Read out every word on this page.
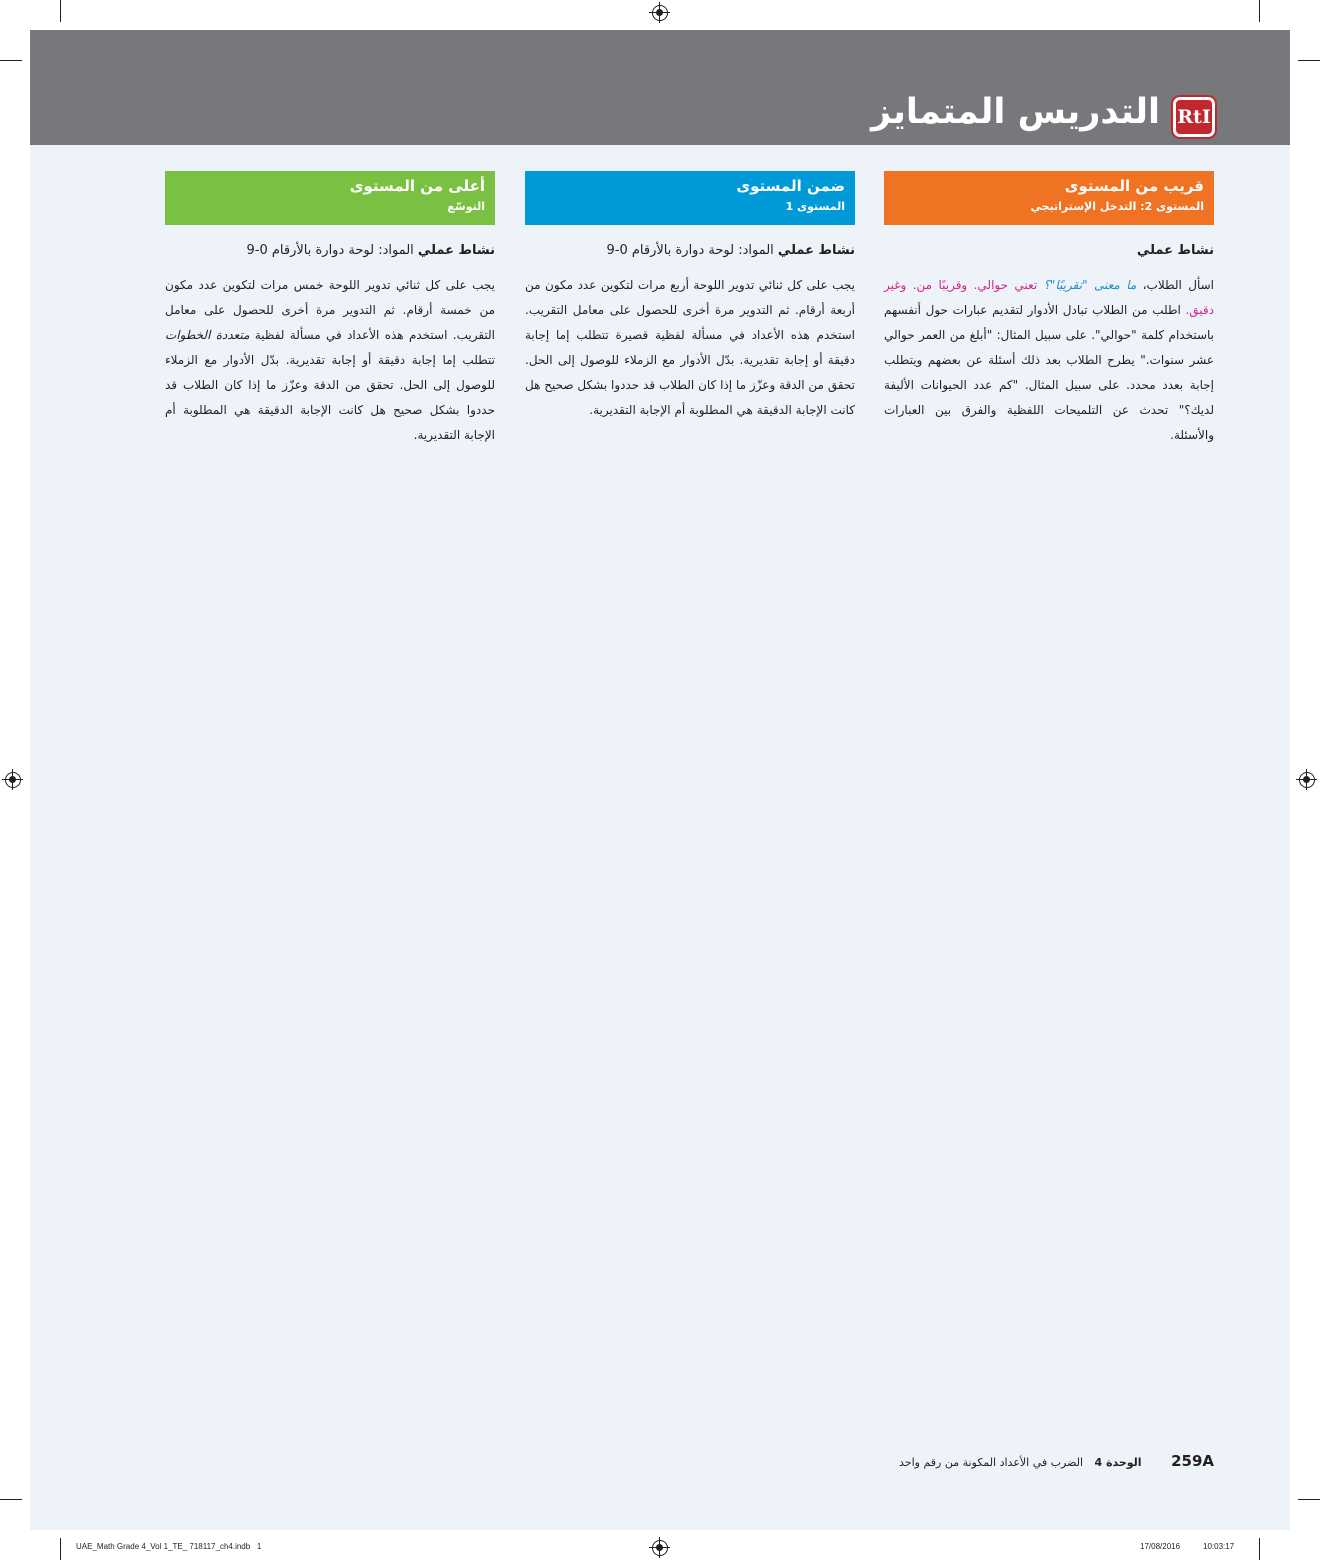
التدريس المتمايز RtI
قريب من المستوى
المستوى 2: التدخل الإستراتيجي
نشاط عملي
اسأل الطلاب، ما معنى "تقريبًا"؟ تعني حوالي. وقريبًا من. وغير دقيق. اطلب من الطلاب تبادل الأدوار لتقديم عبارات حول أنفسهم باستخدام كلمة "حوالي". على سبيل المثال: "أبلغ من العمر حوالي عشر سنوات." يطرح الطلاب بعد ذلك أسئلة عن بعضهم ويتطلب إجابة بعدد محدد. على سبيل المثال. "كم عدد الحيوانات الأليفة لديك؟" تحدث عن التلميحات اللفظية والفرق بين العبارات والأسئلة.
ضمن المستوى
المستوى 1
نشاط عملي المواد: لوحة دوارة بالأرقام 0-9
يجب على كل ثنائي تدوير اللوحة أربع مرات لتكوين عدد مكون من أربعة أرقام. ثم التدوير مرة أخرى للحصول على معامل التقريب. استخدم هذه الأعداد في مسألة لفظية قصيرة تتطلب إما إجابة دقيقة أو إجابة تقديرية. بدّل الأدوار مع الزملاء للوصول إلى الحل. تحقق من الدقة وعزّز ما إذا كان الطلاب قد حددوا بشكل صحيح هل كانت الإجابة الدقيقة هي المطلوبة أم الإجابة التقديرية.
أعلى من المستوى
التوسّع
نشاط عملي المواد: لوحة دوارة بالأرقام 0-9
يجب على كل ثنائي تدوير اللوحة خمس مرات لتكوين عدد مكون من خمسة أرقام. ثم التدوير مرة أخرى للحصول على معامل التقريب. استخدم هذه الأعداد في مسألة لفظية متعددة الخطوات تتطلب إما إجابة دقيقة أو إجابة تقديرية. بدّل الأدوار مع الزملاء للوصول إلى الحل. تحقق من الدقة وعزّز ما إذا كان الطلاب قد حددوا بشكل صحيح هل كانت الإجابة الدقيقة هي المطلوبة أم الإجابة التقديرية.
259A الوحدة 4 الضرب في الأعداد المكونة من رقم واحد
UAE_Math Grade 4_Vol 1_TE_ 718117_ch4.indb   1	17/08/2016	10:03:17
